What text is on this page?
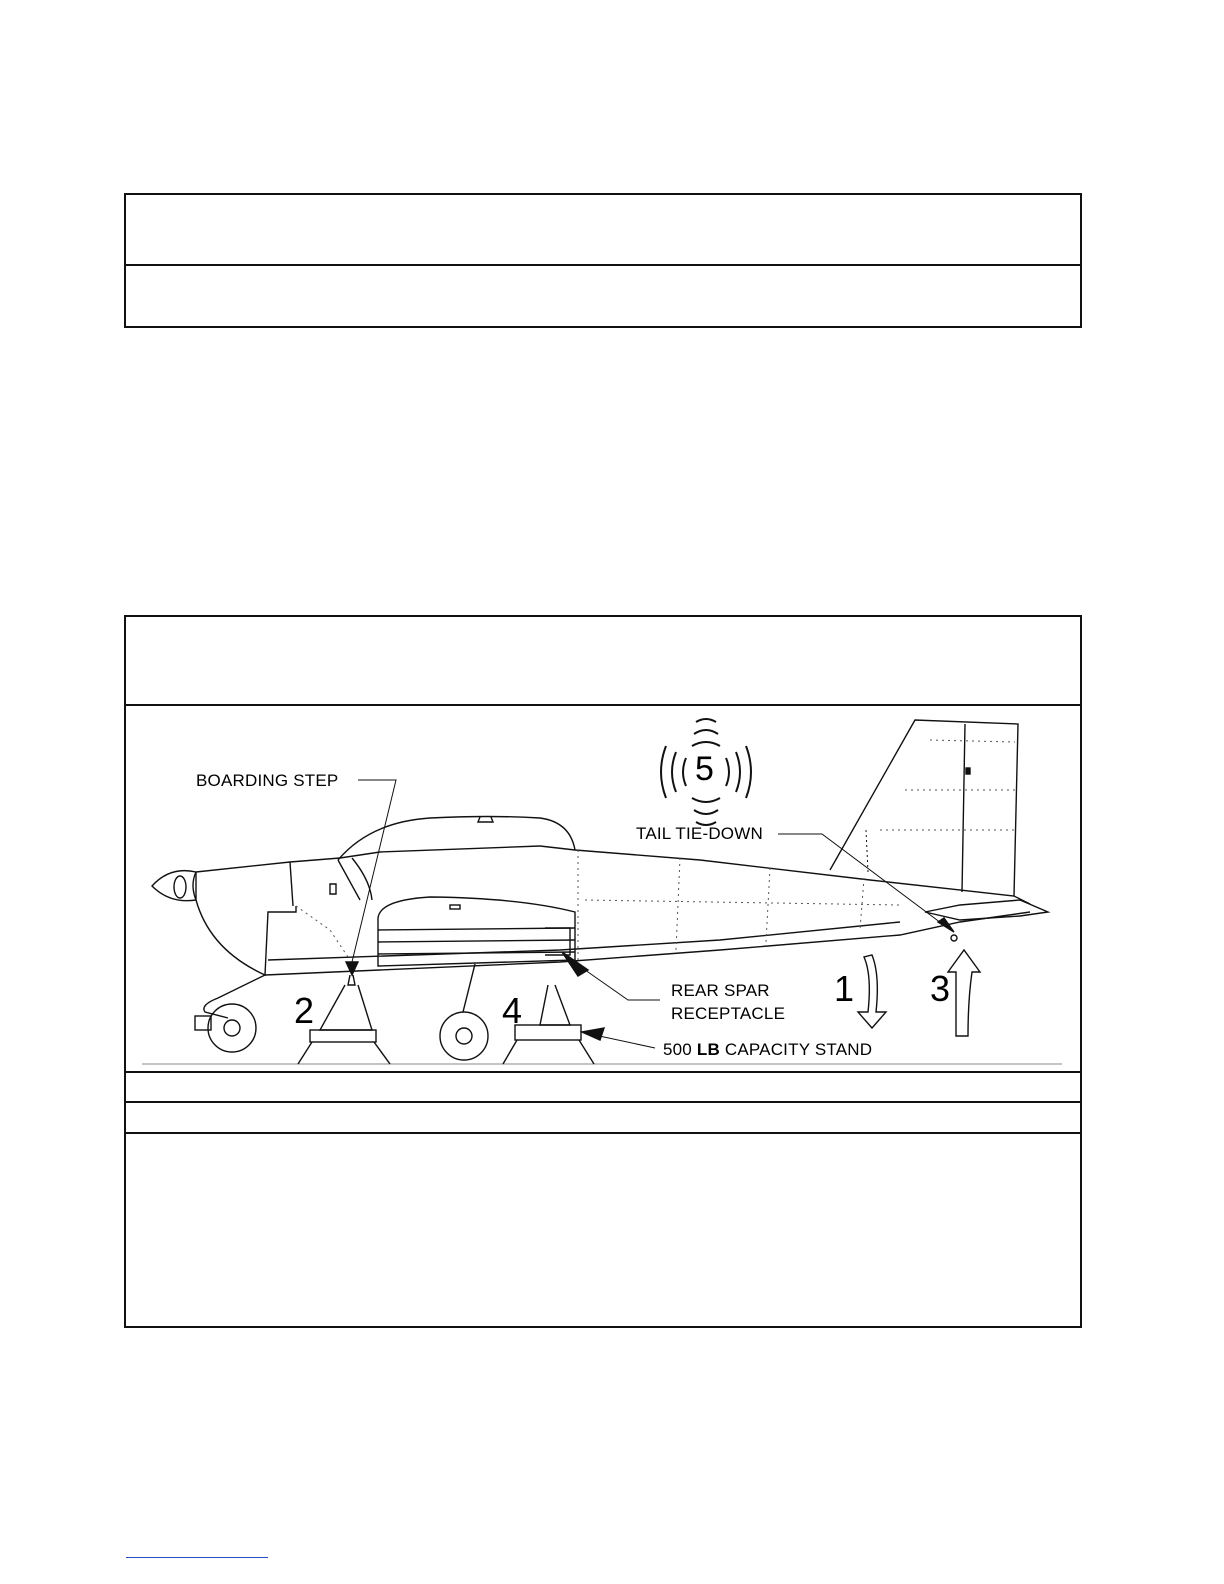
BOARDING STEP
TAIL TIE-DOWN
REAR SPAR
RECEPTACLE
500 LB CAPACITY STAND
1
2
3
4
5
